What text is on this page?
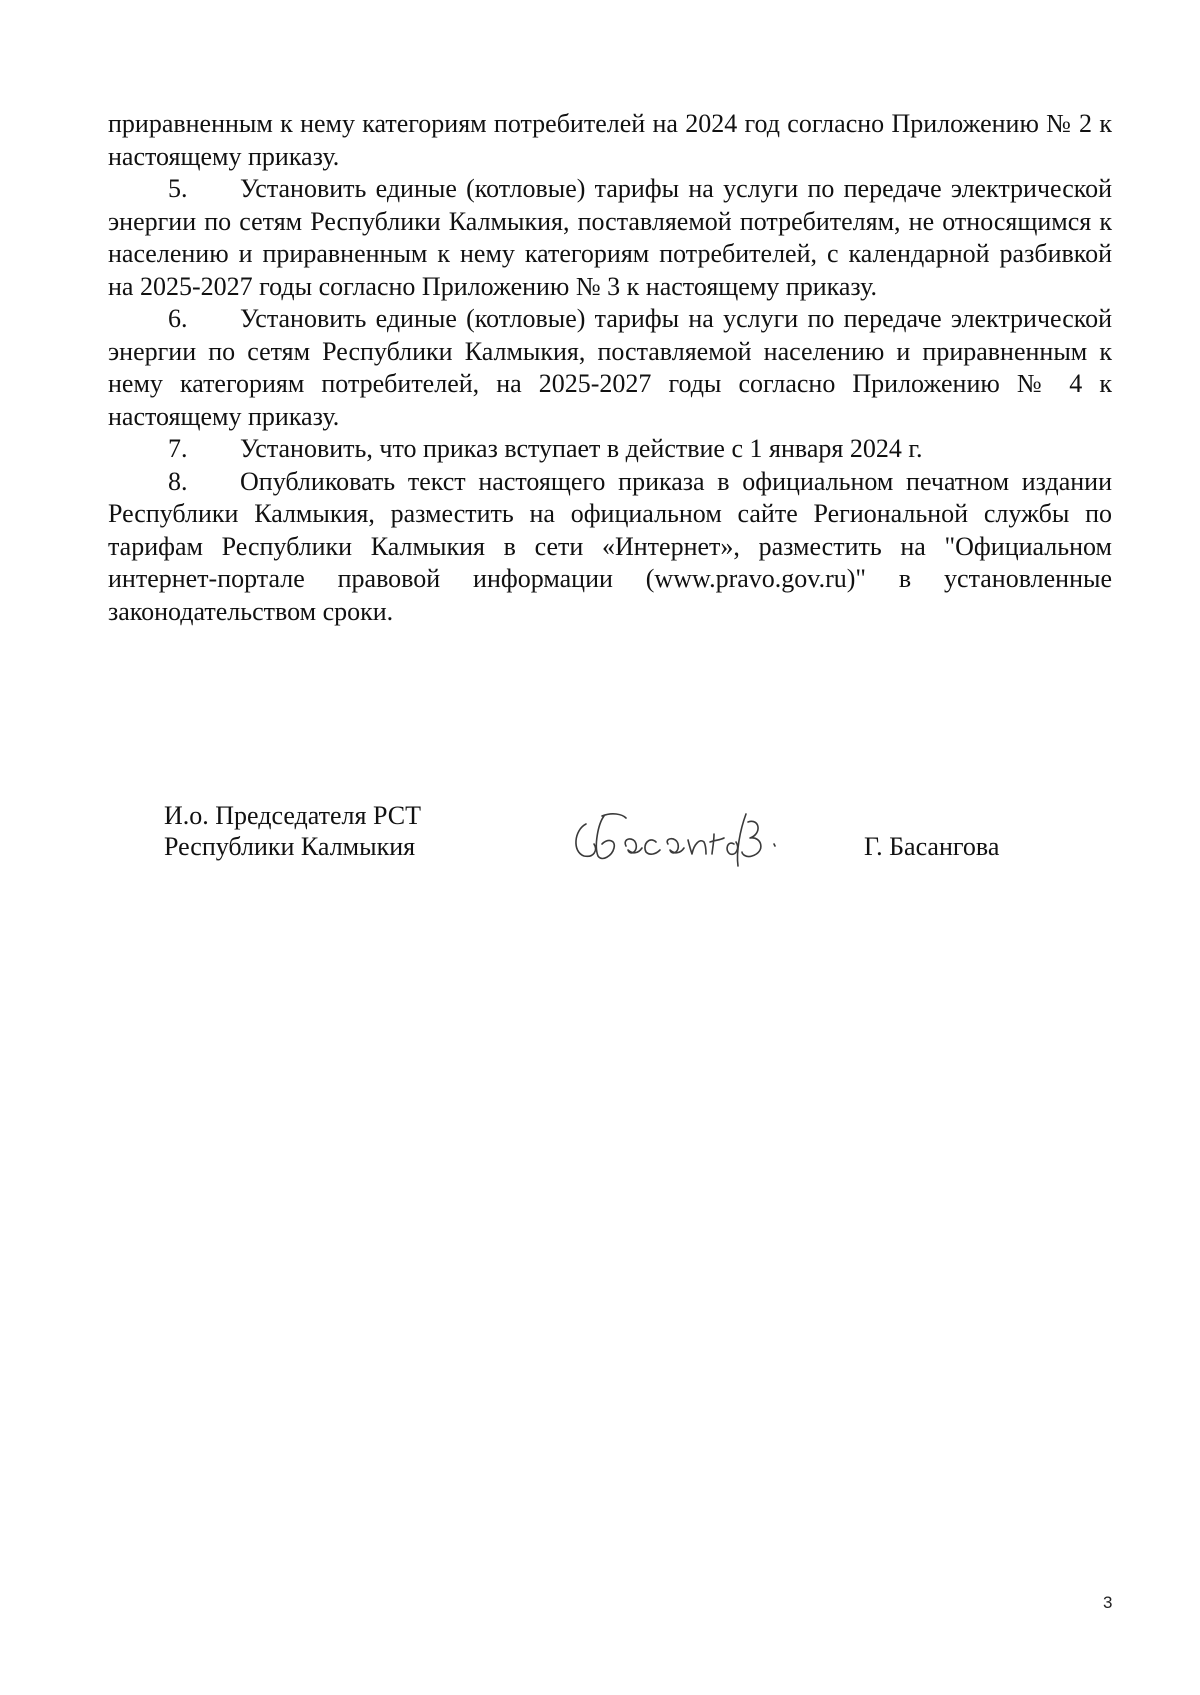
приравненным к нему категориям потребителей на 2024 год согласно Приложению № 2 к настоящему приказу.

5. Установить единые (котловые) тарифы на услуги по передаче электрической энергии по сетям Республики Калмыкия, поставляемой потребителям, не относящимся к населению и приравненным к нему категориям потребителей, с календарной разбивкой на 2025-2027 годы согласно Приложению № 3 к настоящему приказу.

6. Установить единые (котловые) тарифы на услуги по передаче электрической энергии по сетям Республики Калмыкия, поставляемой населению и приравненным к нему категориям потребителей, на 2025-2027 годы согласно Приложению № 4 к настоящему приказу.

7. Установить, что приказ вступает в действие с 1 января 2024 г.

8. Опубликовать текст настоящего приказа в официальном печатном издании Республики Калмыкия, разместить на официальном сайте Региональной службы по тарифам Республики Калмыкия в сети «Интернет», разместить на "Официальном интернет-портале правовой информации (www.pravo.gov.ru)" в установленные законодательством сроки.

И.о. Председателя РСТ
Республики Калмыкия	Г. Басангова
3
